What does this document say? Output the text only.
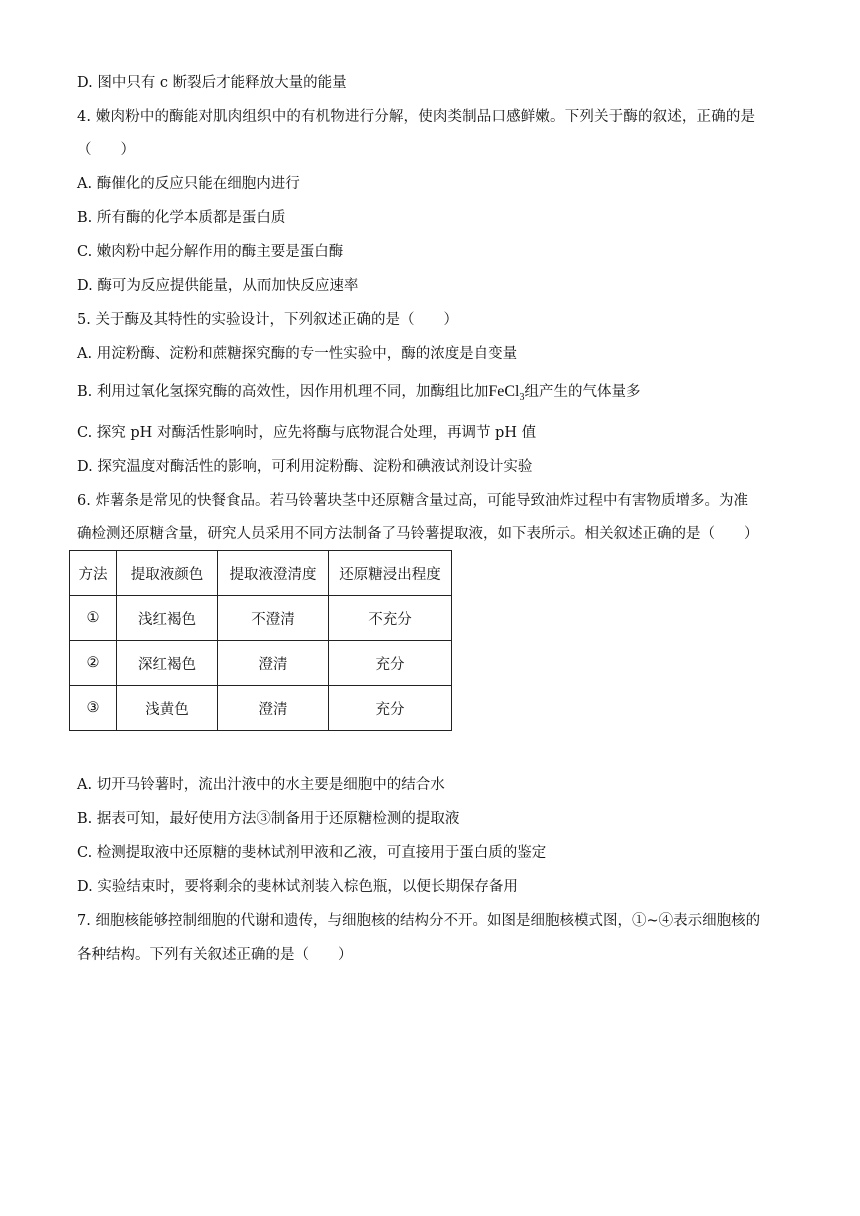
D. 图中只有 c 断裂后才能释放大量的能量
4. 嫩肉粉中的酶能对肌肉组织中的有机物进行分解，使肉类制品口感鲜嫩。下列关于酶的叙述，正确的是
（　　）
A. 酶催化的反应只能在细胞内进行
B. 所有酶的化学本质都是蛋白质
C. 嫩肉粉中起分解作用的酶主要是蛋白酶
D. 酶可为反应提供能量，从而加快反应速率
5. 关于酶及其特性的实验设计，下列叙述正确的是（　　）
A. 用淀粉酶、淀粉和蔗糖探究酶的专一性实验中，酶的浓度是自变量
B. 利用过氧化氢探究酶的高效性，因作用机理不同，加酶组比加FeCl$_3$组产生的气体量多
C. 探究 pH 对酶活性影响时，应先将酶与底物混合处理，再调节 pH 值
D. 探究温度对酶活性的影响，可利用淀粉酶、淀粉和碘液试剂设计实验
6. 炸薯条是常见的快餐食品。若马铃薯块茎中还原糖含量过高，可能导致油炸过程中有害物质增多。为准
确检测还原糖含量，研究人员采用不同方法制备了马铃薯提取液，如下表所示。相关叙述正确的是（　　）
方法	提取液颜色	提取液澄清度	还原糖浸出程度
①	浅红褐色	不澄清	不充分
②	深红褐色	澄清	充分
③	浅黄色	澄清	充分
A. 切开马铃薯时，流出汁液中的水主要是细胞中的结合水
B. 据表可知，最好使用方法③制备用于还原糖检测的提取液
C. 检测提取液中还原糖的斐林试剂甲液和乙液，可直接用于蛋白质的鉴定
D. 实验结束时，要将剩余的斐林试剂装入棕色瓶，以便长期保存备用
7. 细胞核能够控制细胞的代谢和遗传，与细胞核的结构分不开。如图是细胞核模式图，①~④表示细胞核的
各种结构。下列有关叙述正确的是（　　）
